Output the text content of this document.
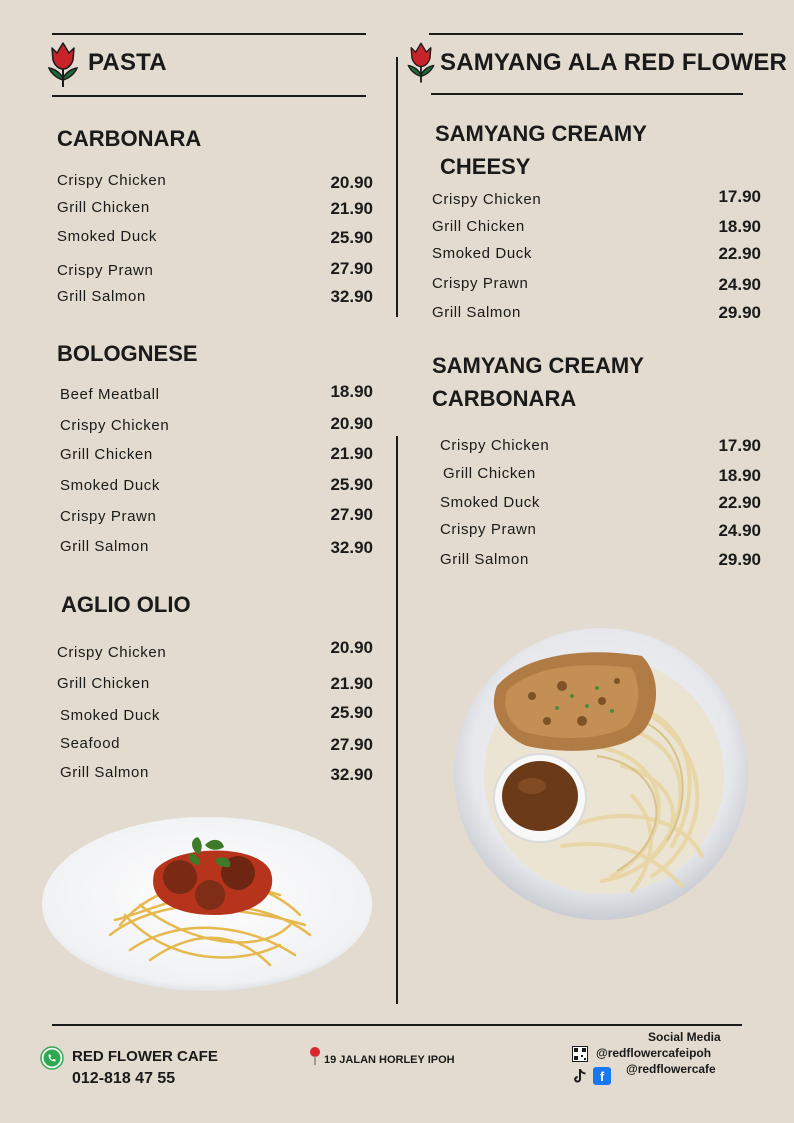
PASTA	SAMYANG ALA RED FLOWER
CARBONARA
Crispy Chicken	20.90
Grill Chicken	21.90
Smoked Duck	25.90
Crispy Prawn	27.90
Grill Salmon	32.90
BOLOGNESE
Beef Meatball	18.90
Crispy Chicken	20.90
Grill Chicken	21.90
Smoked Duck	25.90
Crispy Prawn	27.90
Grill Salmon	32.90
AGLIO OLIO
Crispy Chicken	20.90
Grill Chicken	21.90
Smoked Duck	25.90
Seafood	27.90
Grill Salmon	32.90
SAMYANG CREAMY
CHEESY
Crispy Chicken	17.90
Grill Chicken	18.90
Smoked Duck	22.90
Crispy Prawn	24.90
Grill Salmon	29.90
SAMYANG CREAMY
CARBONARA
Crispy Chicken	17.90
Grill Chicken	18.90
Smoked Duck	22.90
Crispy Prawn	24.90
Grill Salmon	29.90
RED FLOWER CAFE
012-818 47 55
19 JALAN HORLEY IPOH
Social Media
@redflowercafeipoh
f @redflowercafe
